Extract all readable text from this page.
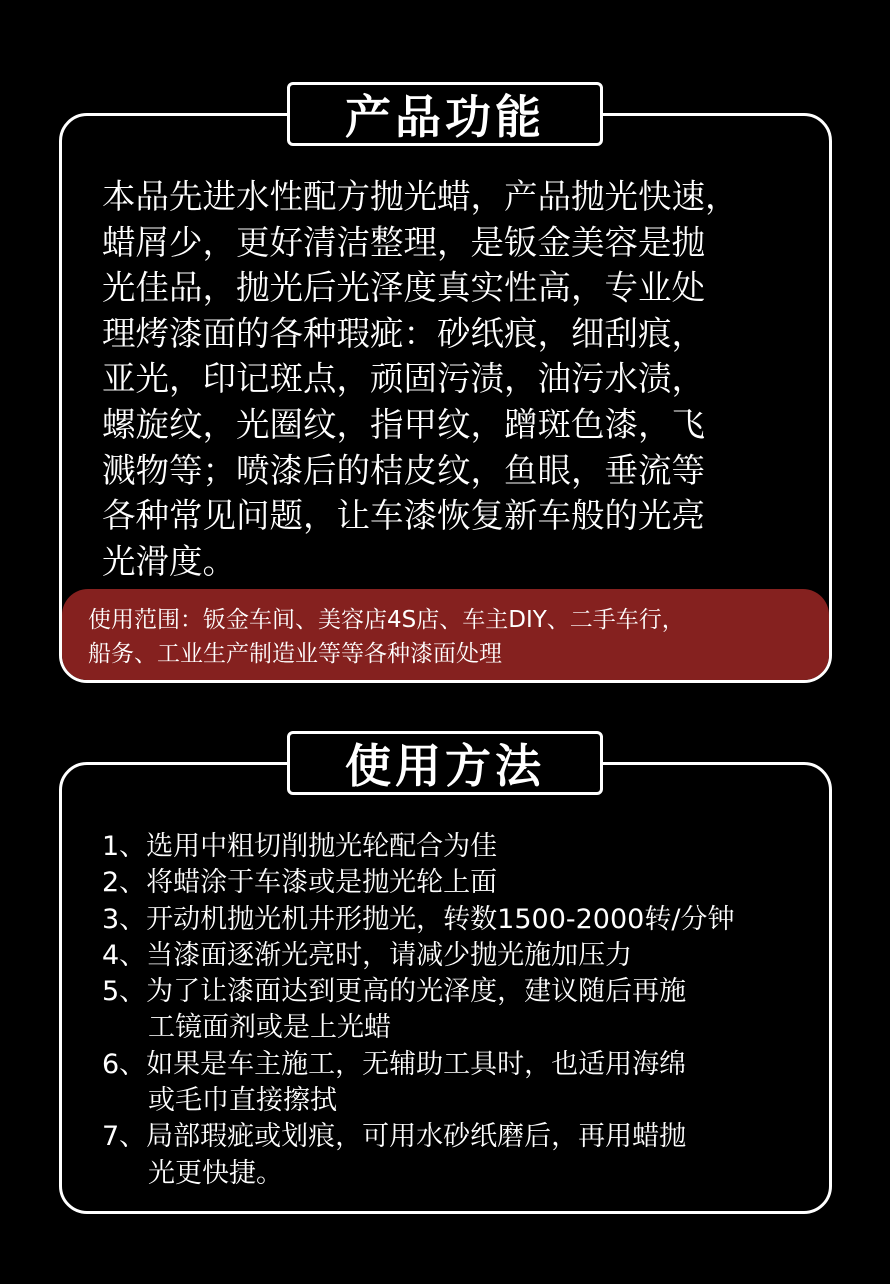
产品功能

本品先进水性配方抛光蜡，产品抛光快速，
蜡屑少，更好清洁整理，是钣金美容是抛
光佳品，抛光后光泽度真实性高，专业处
理烤漆面的各种瑕疵：砂纸痕，细刮痕，
亚光，印记斑点，顽固污渍，油污水渍，
螺旋纹，光圈纹，指甲纹，蹭斑色漆，飞
溅物等；喷漆后的桔皮纹，鱼眼，垂流等
各种常见问题，让车漆恢复新车般的光亮
光滑度。

使用范围：钣金车间、美容店4S店、车主DIY、二手车行，
船务、工业生产制造业等等各种漆面处理

使用方法
1、选用中粗切削抛光轮配合为佳
2、将蜡涂于车漆或是抛光轮上面
3、开动机抛光机井形抛光，转数1500-2000转/分钟
4、当漆面逐渐光亮时，请减少抛光施加压力
5、为了让漆面达到更高的光泽度，建议随后再施
工镜面剂或是上光蜡
6、如果是车主施工，无辅助工具时，也适用海绵
或毛巾直接擦拭
7、局部瑕疵或划痕，可用水砂纸磨后，再用蜡抛
光更快捷。
